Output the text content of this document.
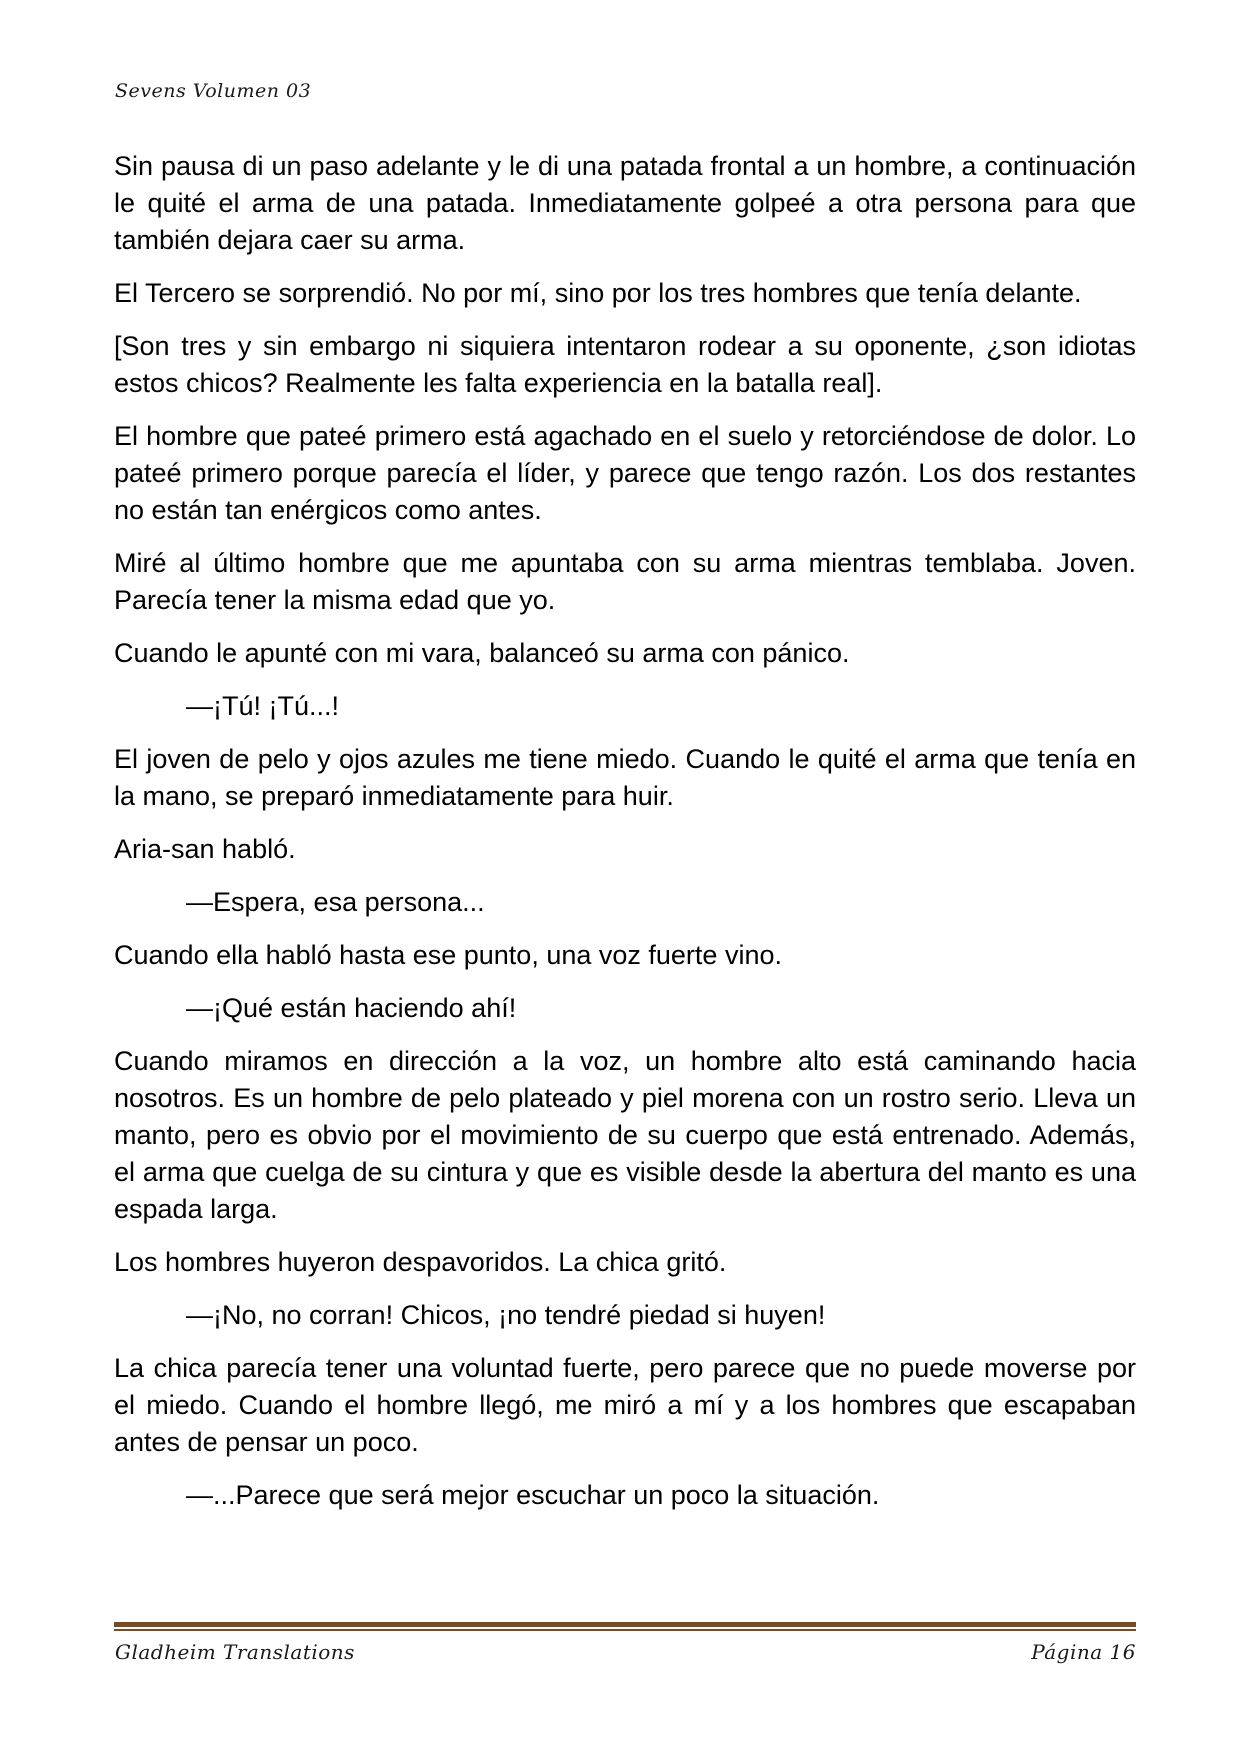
Sevens Volumen 03

Sin pausa di un paso adelante y le di una patada frontal a un hombre, a continuación le quité el arma de una patada. Inmediatamente golpeé a otra persona para que también dejara caer su arma.

El Tercero se sorprendió. No por mí, sino por los tres hombres que tenía delante.

[Son tres y sin embargo ni siquiera intentaron rodear a su oponente, ¿son idiotas estos chicos? Realmente les falta experiencia en la batalla real].

El hombre que pateé primero está agachado en el suelo y retorciéndose de dolor. Lo pateé primero porque parecía el líder, y parece que tengo razón. Los dos restantes no están tan enérgicos como antes.

Miré al último hombre que me apuntaba con su arma mientras temblaba. Joven. Parecía tener la misma edad que yo.

Cuando le apunté con mi vara, balanceó su arma con pánico.

—¡Tú! ¡Tú...!

El joven de pelo y ojos azules me tiene miedo. Cuando le quité el arma que tenía en la mano, se preparó inmediatamente para huir.

Aria-san habló.

—Espera, esa persona...

Cuando ella habló hasta ese punto, una voz fuerte vino.

—¡Qué están haciendo ahí!

Cuando miramos en dirección a la voz, un hombre alto está caminando hacia nosotros. Es un hombre de pelo plateado y piel morena con un rostro serio. Lleva un manto, pero es obvio por el movimiento de su cuerpo que está entrenado. Además, el arma que cuelga de su cintura y que es visible desde la abertura del manto es una espada larga.

Los hombres huyeron despavoridos. La chica gritó.

—¡No, no corran! Chicos, ¡no tendré piedad si huyen!

La chica parecía tener una voluntad fuerte, pero parece que no puede moverse por el miedo. Cuando el hombre llegó, me miró a mí y a los hombres que escapaban antes de pensar un poco.

—...Parece que será mejor escuchar un poco la situación.

Gladheim Translations	Página 16
